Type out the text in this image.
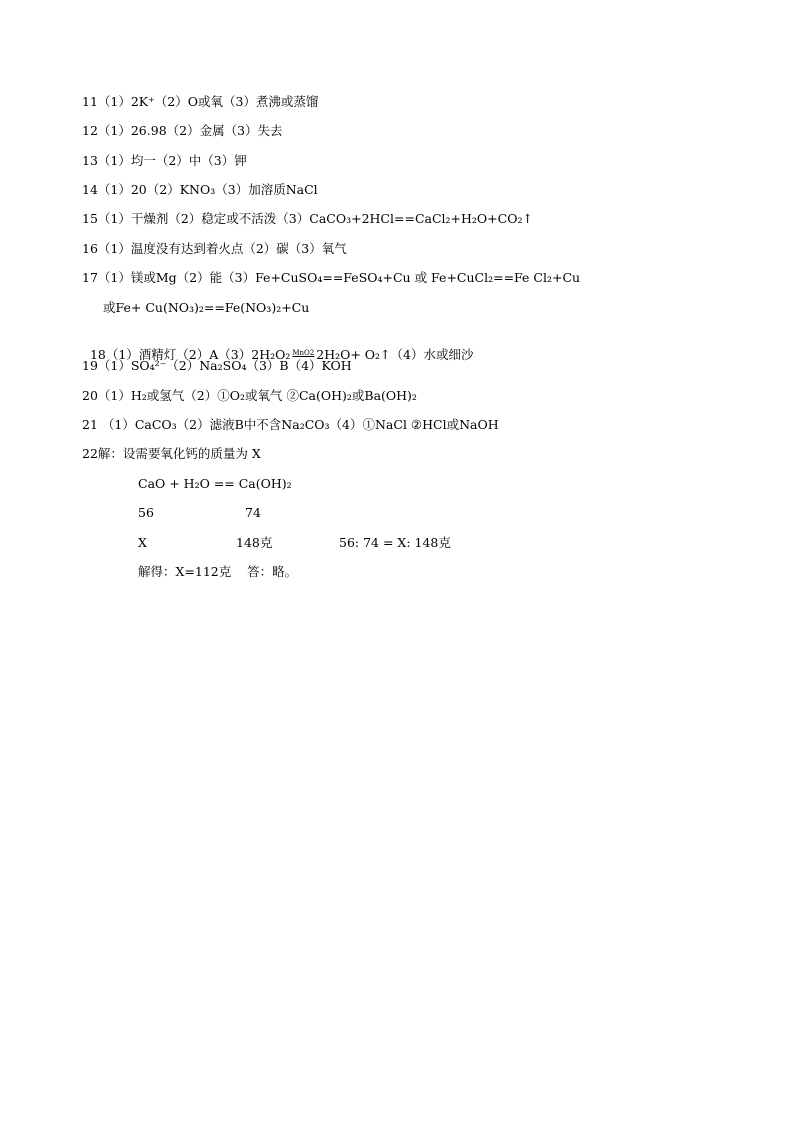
11（1）2K⁺（2）O或氧（3）煮沸或蒸馏
12（1）26.98（2）金属（3）失去
13（1）均一（2）中（3）钾
14（1）20（2）KNO₃（3）加溶质NaCl
15（1）干燥剂（2）稳定或不活泼（3）CaCO₃+2HCl==CaCl₂+H₂O+CO₂↑
16（1）温度没有达到着火点（2）碳（3）氧气
17（1）镁或Mg（2）能（3）Fe+CuSO₄==FeSO₄+Cu 或 Fe+CuCl₂==Fe Cl₂+Cu
或Fe+ Cu(NO₃)₂==Fe(NO₃)₂+Cu

18（1）酒精灯（2）A（3）2H₂O₂ MnO2 2H₂O+ O₂↑（4）水或细沙

19（1）SO₄²⁻（2）Na₂SO₄（3）B（4）KOH
20（1）H₂或氢气（2）①O₂或氧气 ②Ca(OH)₂或Ba(OH)₂
21 （1）CaCO₃（2）滤液B中不含Na₂CO₃（4）①NaCl ②HCl或NaOH
22解：设需要氧化钙的质量为 X
CaO + H₂O == Ca(OH)₂
56	74
X	148克	56: 74 = X: 148克
解得：X=112克    答：略。
